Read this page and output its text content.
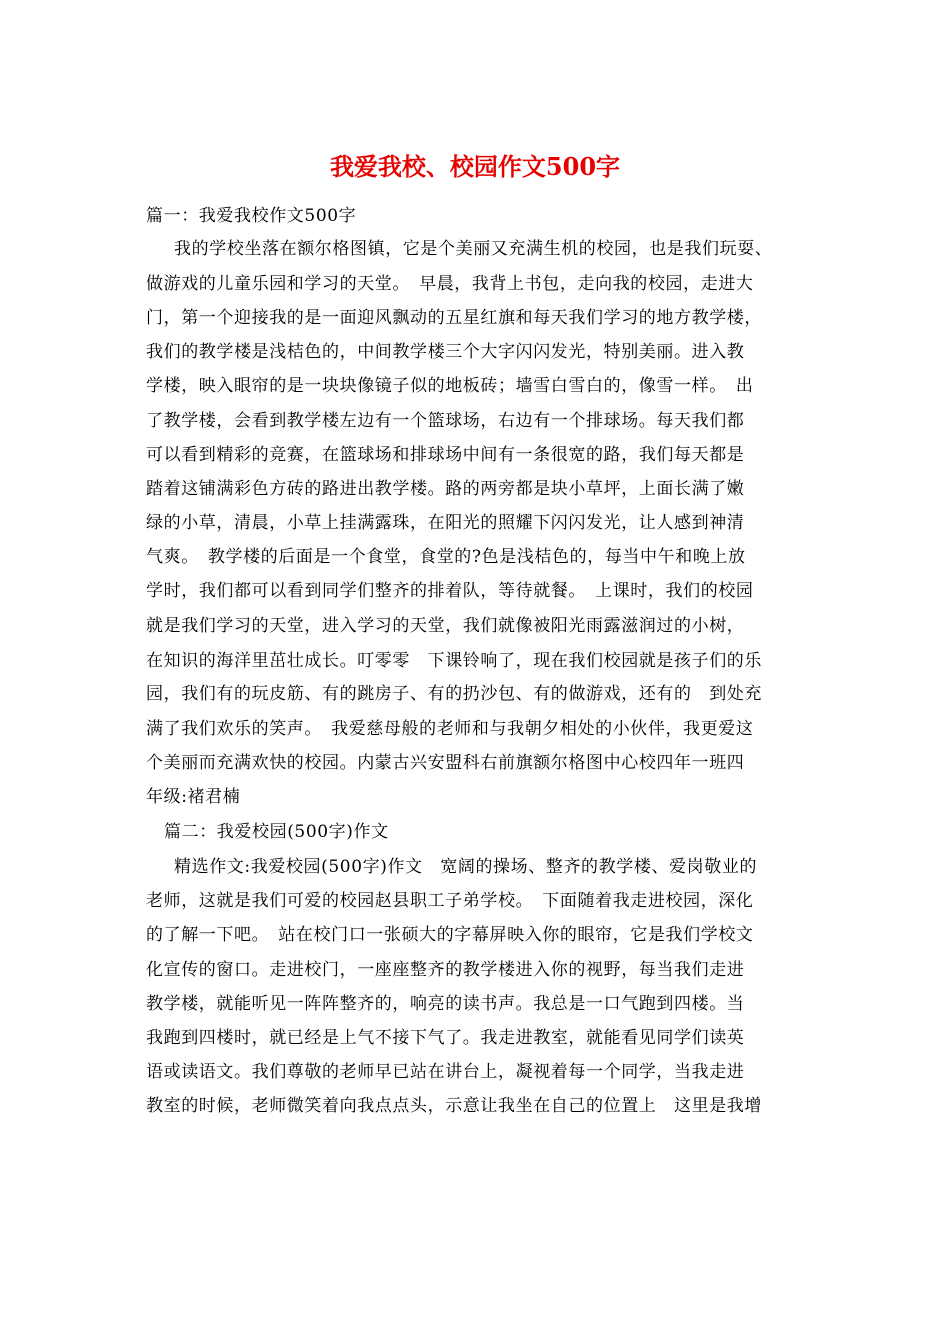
我爱我校、校园作文500字
篇一：我爱我校作文500字
我的学校坐落在额尔格图镇，它是个美丽又充满生机的校园，也是我们玩耍、
做游戏的儿童乐园和学习的天堂。　早晨，我背上书包，走向我的校园，走进大
门，第一个迎接我的是一面迎风飘动的五星红旗和每天我们学习的地方教学楼，
我们的教学楼是浅桔色的，中间教学楼三个大字闪闪发光，特别美丽。进入教
学楼，映入眼帘的是一块块像镜子似的地板砖；墙雪白雪白的，像雪一样。　出
了教学楼，会看到教学楼左边有一个篮球场，右边有一个排球场。每天我们都
可以看到精彩的竞赛，在篮球场和排球场中间有一条很宽的路，我们每天都是
踏着这铺满彩色方砖的路进出教学楼。路的两旁都是块小草坪，上面长满了嫩
绿的小草，清晨，小草上挂满露珠，在阳光的照耀下闪闪发光，让人感到神清
气爽。　教学楼的后面是一个食堂，食堂的?色是浅桔色的，每当中午和晚上放
学时，我们都可以看到同学们整齐的排着队，等待就餐。　上课时，我们的校园
就是我们学习的天堂，进入学习的天堂，我们就像被阳光雨露滋润过的小树，
在知识的海洋里茁壮成长。叮零零　下课铃响了，现在我们校园就是孩子们的乐
园，我们有的玩皮筋、有的跳房子、有的扔沙包、有的做游戏，还有的　到处充
满了我们欢乐的笑声。　我爱慈母般的老师和与我朝夕相处的小伙伴，我更爱这
个美丽而充满欢快的校园。内蒙古兴安盟科右前旗额尔格图中心校四年一班四
年级:褚君楠
篇二：我爱校园(500字)作文
精选作文:我爱校园(500字)作文　宽阔的操场、整齐的教学楼、爱岗敬业的
老师，这就是我们可爱的校园赵县职工子弟学校。　下面随着我走进校园，深化
的了解一下吧。　站在校门口一张硕大的字幕屏映入你的眼帘，它是我们学校文
化宣传的窗口。走进校门，一座座整齐的教学楼进入你的视野，每当我们走进
教学楼，就能听见一阵阵整齐的，响亮的读书声。我总是一口气跑到四楼。当
我跑到四楼时，就已经是上气不接下气了。我走进教室，就能看见同学们读英
语或读语文。我们尊敬的老师早已站在讲台上，凝视着每一个同学，当我走进
教室的时候，老师微笑着向我点点头，示意让我坐在自己的位置上　这里是我增
